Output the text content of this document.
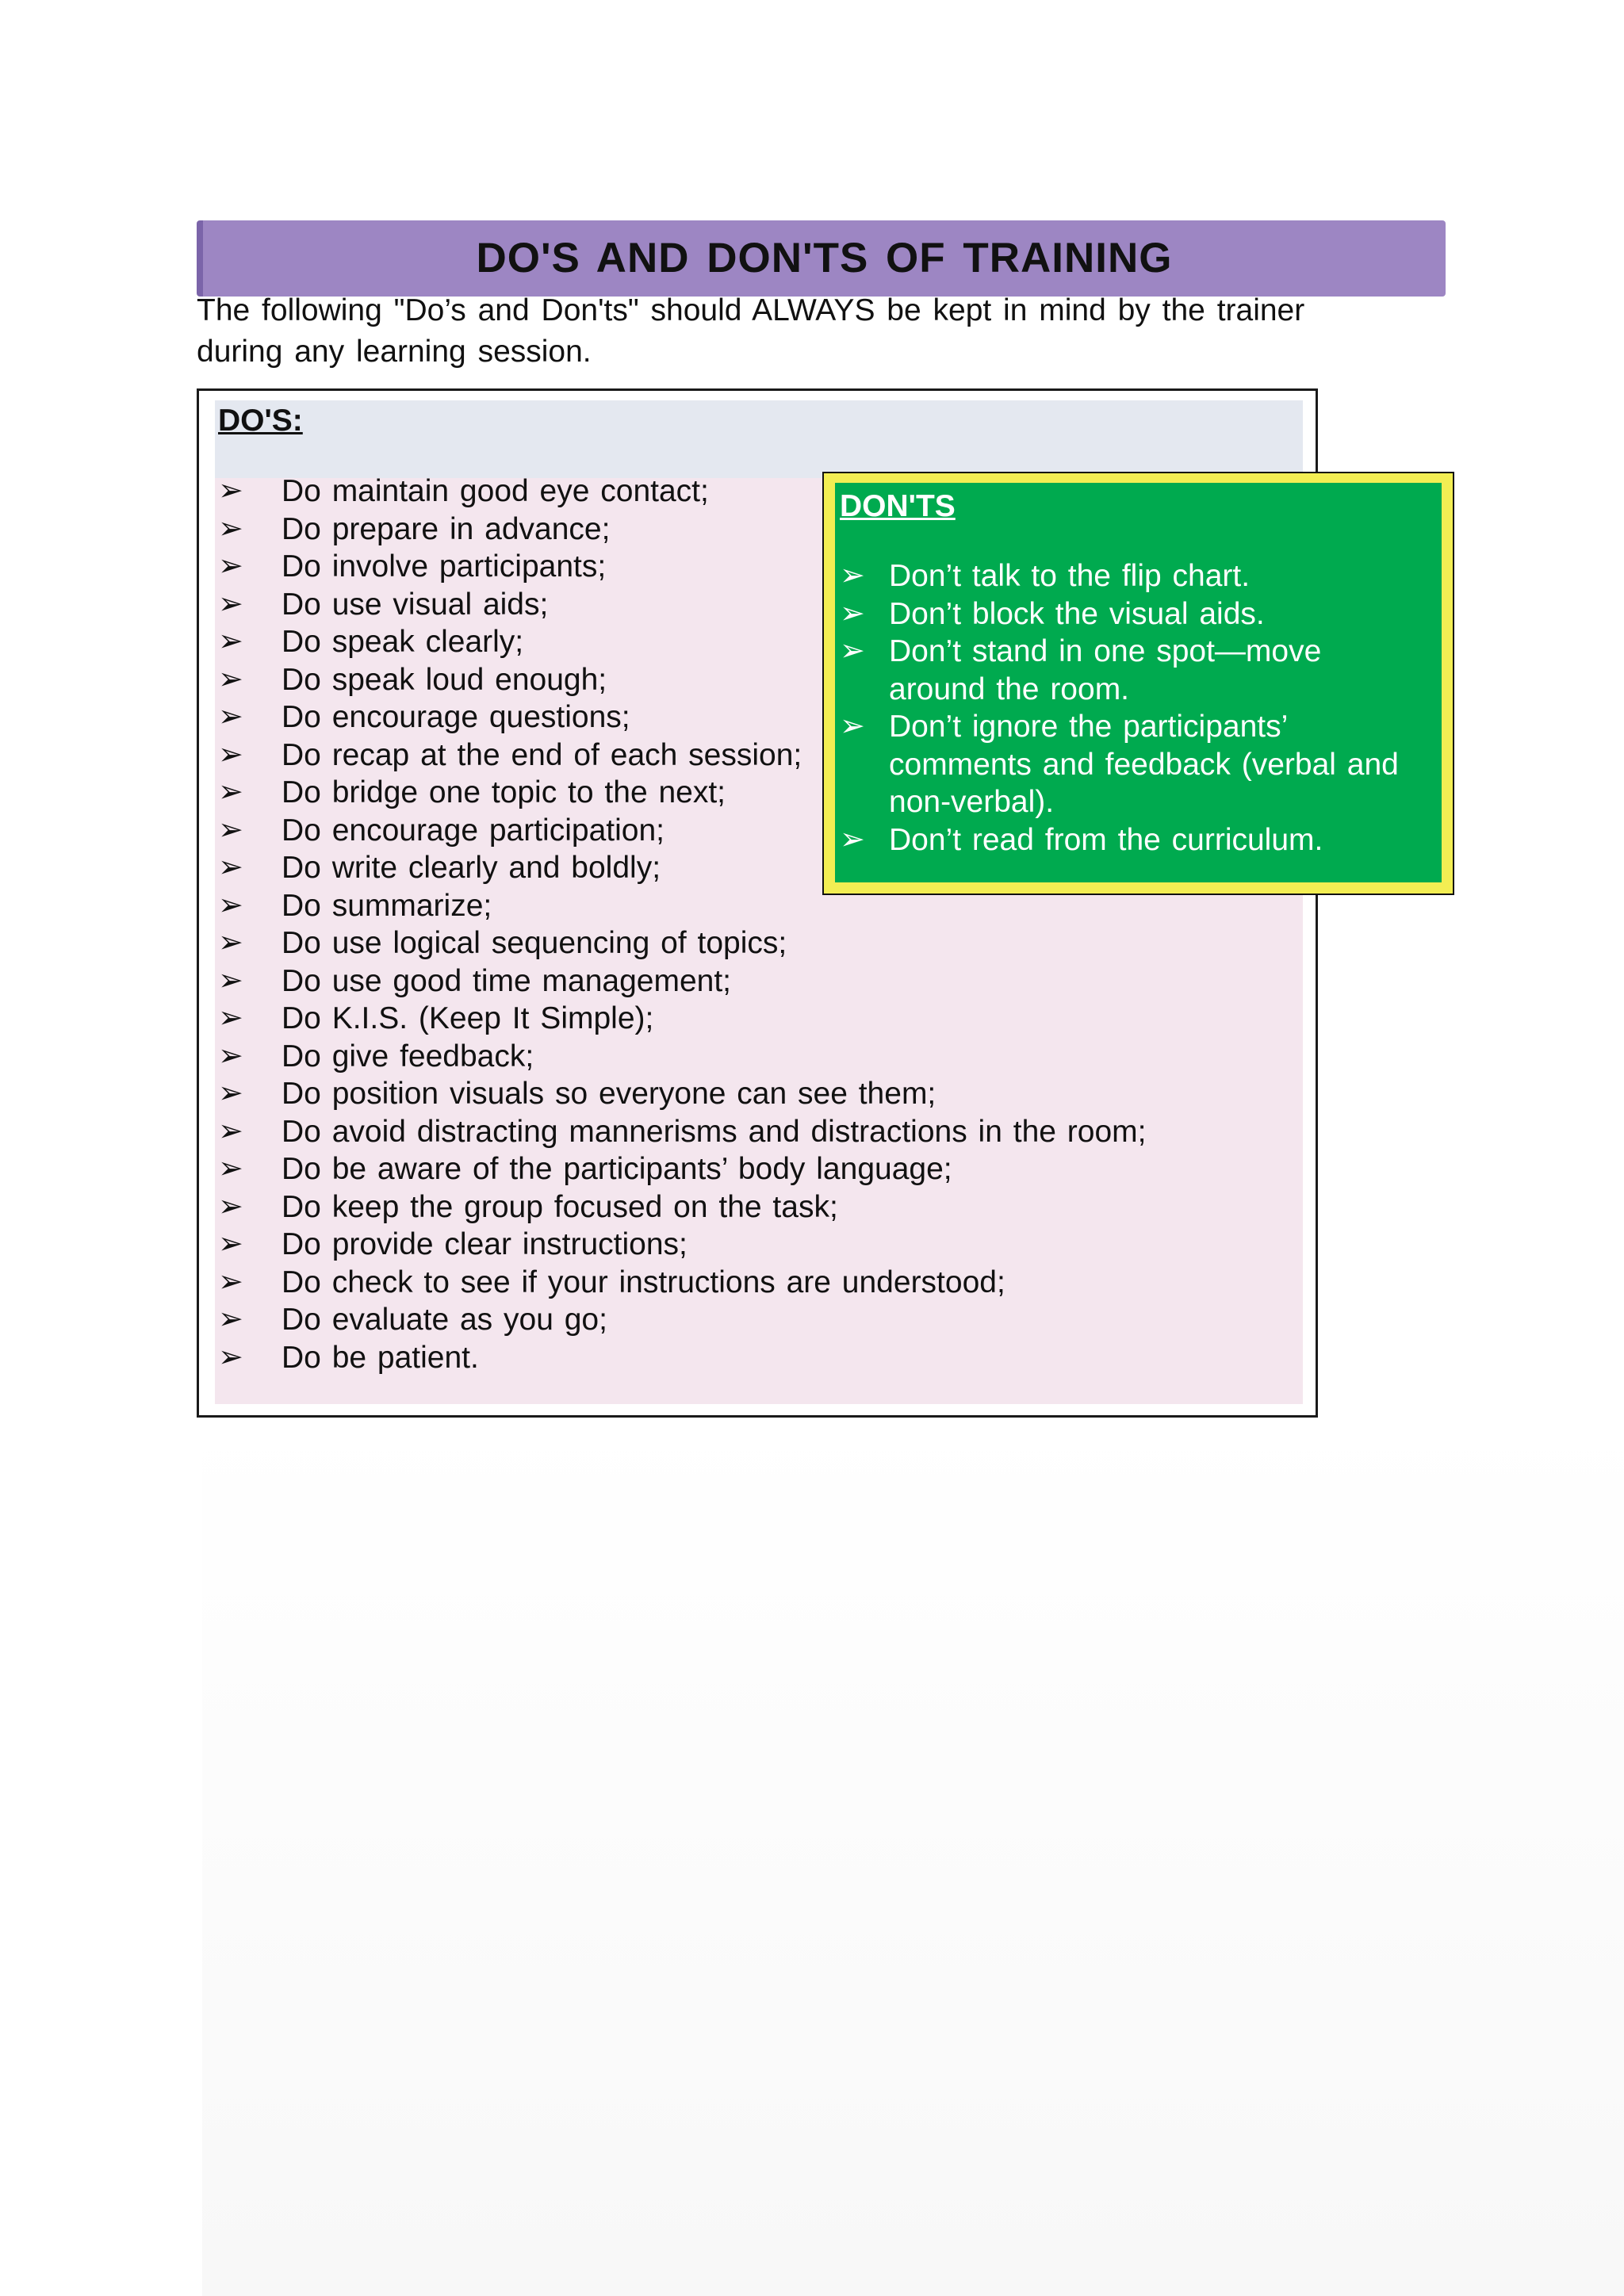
DO'S AND DON'TS OF TRAINING

The following "Do’s and Don'ts" should ALWAYS be kept in mind by the trainer during any learning session.

DO'S:
➢ Do maintain good eye contact;
➢ Do prepare in advance;
➢ Do involve participants;
➢ Do use visual aids;
➢ Do speak clearly;
➢ Do speak loud enough;
➢ Do encourage questions;
➢ Do recap at the end of each session;
➢ Do bridge one topic to the next;
➢ Do encourage participation;
➢ Do write clearly and boldly;
➢ Do summarize;
➢ Do use logical sequencing of topics;
➢ Do use good time management;
➢ Do K.I.S. (Keep It Simple);
➢ Do give feedback;
➢ Do position visuals so everyone can see them;
➢ Do avoid distracting mannerisms and distractions in the room;
➢ Do be aware of the participants’ body language;
➢ Do keep the group focused on the task;
➢ Do provide clear instructions;
➢ Do check to see if your instructions are understood;
➢ Do evaluate as you go;
➢ Do be patient.
DON'TS
➢ Don’t talk to the flip chart.
➢ Don’t block the visual aids.
➢ Don’t stand in one spot—move around the room.
➢ Don’t ignore the participants’ comments and feedback (verbal and non-verbal).
➢ Don’t read from the curriculum.
